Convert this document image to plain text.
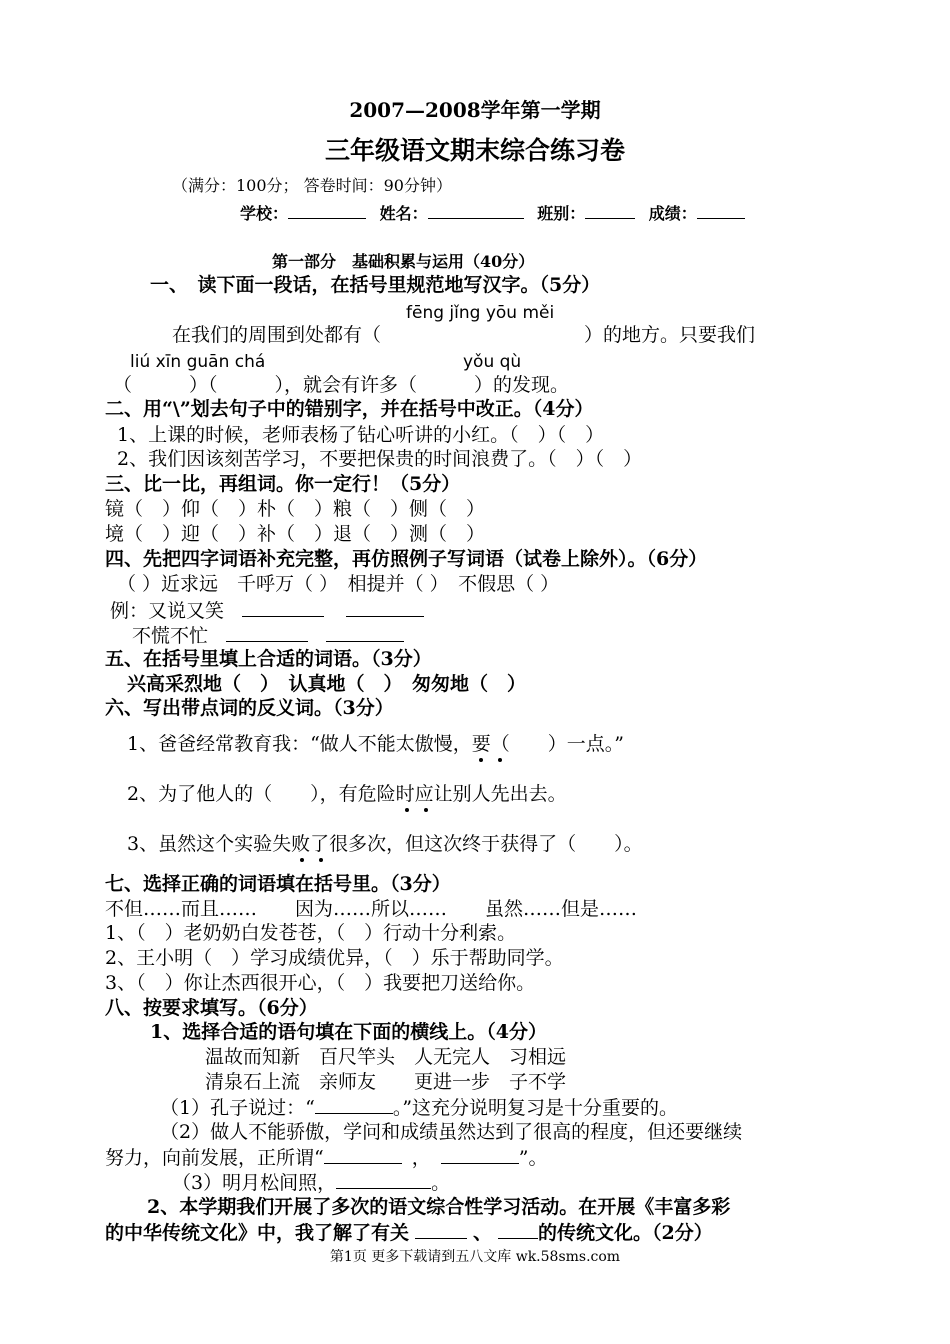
2007—2008学年第一学期
三年级语文期末综合练习卷
（满分：100分； 答卷时间：90分钟）
学校：	姓名：	班别：	成绩：
第一部分　基础积累与运用（40分）
一、　读下面一段话，在括号里规范地写汉字。（5分）
fēng jǐng yōu měi
在我们的周围到处都有（	）的地方。只要我们
liú xīn guān chá	yǒu qù
（　　　）（　　　），就会有许多（　　　）的发现。
二、用“\”划去句子中的错别字，并在括号中改正。（4分）
1、上课的时候，老师表杨了钻心听讲的小红。（　）（　）
2、我们因该刻苦学习，不要把保贵的时间浪费了。（　）（　）
三、比一比，再组词。你一定行！（5分）
镜（　）仰（　）朴（　）粮（　）侧（　）
境（　）迎（　）补（　）退（　）测（　）
四、先把四字词语补充完整，再仿照例子写词语（试卷上除外）。（6分）
（ ）近求远　千呼万（ ）　相提并（ ）　不假思（ ）
例：又说又笑
不慌不忙
五、在括号里填上合适的词语。（3分）
兴高采烈地（　）　认真地（　）　匆匆地（　）
六、写出带点词的反义词。（3分）
1、爸爸经常教育我：“做人不能太傲慢，要（　　）一点。”
2、为了他人的（　　），有危险时应让别人先出去。
3、虽然这个实验失败了很多次，但这次终于获得了（　　）。
七、选择正确的词语填在括号里。（3分）
不但……而且……　　因为……所以……　　虽然……但是……
1、（　）老奶奶白发苍苍，（　）行动十分利索。
2、王小明（　）学习成绩优异，（　）乐于帮助同学。
3、（　）你让杰西很开心，（　）我要把刀送给你。
八、按要求填写。（6分）
1、选择合适的语句填在下面的横线上。（4分）
温故而知新　百尺竿头　人无完人　习相远
清泉石上流　亲师友　　更进一步　子不学
（1）孔子说过：“	。”这充分说明复习是十分重要的。
（2）做人不能骄傲，学问和成绩虽然达到了很高的程度，但还要继续
努力，向前发展，正所谓“	，	”。
（3）明月松间照，	。
2、本学期我们开展了多次的语文综合性学习活动。在开展《丰富多彩
的中华传统文化》中，我了解了有关	、 的传统文化。（2分）
第1页 更多下载请到五八文库 wk.58sms.com
